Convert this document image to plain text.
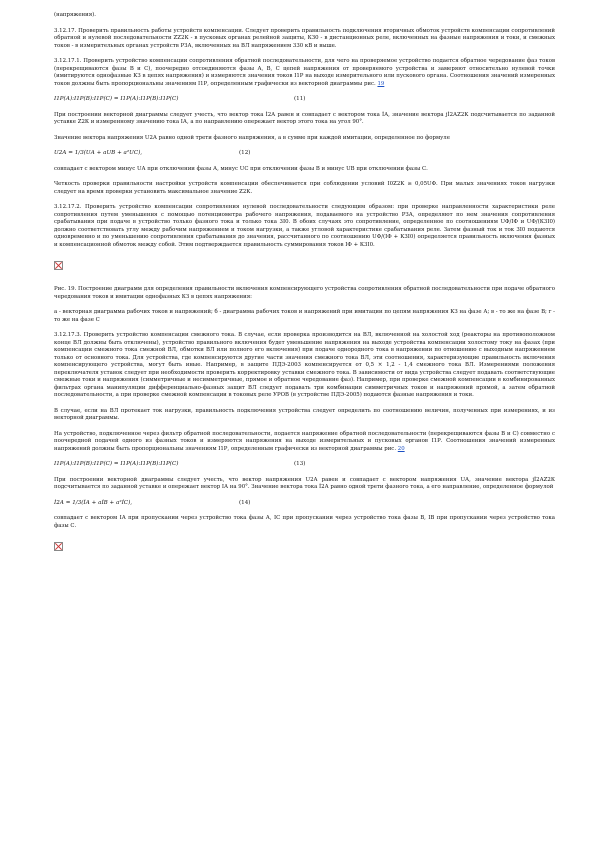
(напряжения).

3.12.17. Проверить правильность работы устройств компенсации. Следует проверить правильность подключения вторичных обмоток устройств компенсации сопротивлений обратной и нулевой последовательности ZZ2К - в пусковых органах релейной защиты, КЗ0 - в дистанционных реле, включенных на фазные напряжения и токи, и смежных токов - в измерительных органах устройств РЗА, включенных на ВЛ напряжением 330 кВ и выше.

3.12.17.1. Проверить устройство компенсации сопротивления обратной последовательности, для чего на проверяемое устройство подается обратное чередование фаз токов (перекрещиваются фазы В и С), поочередно отсоединяются фазы А, В, С цепей напряжения от проверяемого устройства и замеряют относительно нулевой точки (имитируются однофазные КЗ в цепях напряжения) и измеряются значения токов I1Р на выходе измерительного или пускового органа. Соотношения значений измеренных токов должны быть пропорциональны значениям I1Р, определенным графически из векторной диаграммы рис. 19

I1Р(А):I1Р(В):I1Р(С) = I1Р(А):I1Р(В):I1Р(С)	(11)

При построении векторной диаграммы следует учесть, что вектор тока İ2А равен и совпадает с вектором тока İА, значение вектора jİ2АZ2К подсчитывается по заданной уставке Z2К и измеренному значению тока IА, а по направлению опережает вектор этого тока на угол 90°.

Значение вектора напряжения U2А равно одной трети фазного напряжения, а в сумме при каждой имитации, определенное по формуле

U2А = 1/3(UА + aUВ + a²UС),	(12)

совпадает с вектором минус UА при отключении фазы А, минус UС при отключении фазы В и минус UВ при отключении фазы С.

Четкость проверки правильности настройки устройств компенсации обеспечивается при соблюдении условий I0Z2К ≥ 0,05UФ. При малых значениях токов нагрузки следует на время проверки установить максимальное значение Z2К.

3.12.17.2. Проверить устройство компенсации сопротивления нулевой последовательности следующим образом: при проверке направленности характеристики реле сопротивления путем уменьшения с помощью потенциометра рабочего напряжения, подаваемого на устройство РЗА, определяют по нем значения сопротивления срабатывания при подаче в устройство только фазного тока и только тока 3I0. В обоих случаях это сопротивление, определенное по соотношениям UФ/IФ и UФ/(К3I0) должно соответствовать углу между рабочим напряжением и током нагрузки, а также угловой характеристике срабатывания реле. Затем фазный ток и ток 3I0 подаются одновременно и по уменьшению сопротивления срабатывания до значения, рассчитанного по соотношению UФ/(IФ + К3I0) определяется правильность включения фазных и компенсационной обмоток между собой. Этим подтверждается правильность суммирования токов IФ + К3I0.

Рис. 19. Построение диаграмм для определения правильности включения компенсирующего устройства сопротивления обратной последовательности при подаче обратного чередования токов и имитации однофазных КЗ в цепях напряжения:

а - векторная диаграмма рабочих токов и напряжений; б - диаграмма рабочих токов и напряжений при имитации по цепям напряжения КЗ на фазе А; в - то же на фазе В; г - то же на фазе С

3.12.17.3. Проверить устройство компенсации смежного тока. В случае, если проверка производится на ВЛ, включенной на холостой ход (реакторы на противоположном конце ВЛ должны быть отключены), устройство правильного включения будет уменьшение напряжения на выходе устройства компенсации холостому току на фазах (при компенсации смежного тока смежной ВЛ, обмотки ВЛ или полного его включения) при подаче однородного тока в напряжении по отношению с выходным напряжением только от основного тока. Для устройства, где компенсируются другие части значения смежного тока ВЛ, эти соотношения, характеризующие правильность включения компенсирующего устройства, могут быть иные. Например, в защите ПДЭ-2003 компенсируется от 0,5 × 1,2 - 1,4 смежного тока ВЛ. Измерениями положения переключателя уставок следует при необходимости проверить корректировку уставки смежного тока. В зависимости от вида устройства следует подавать соответствующие смежные токи и напряжения (симметричные и несимметричные, прямое и обратное чередование фаз). Например, при проверке смежной компенсации в комбинированных фильтрах органа манипуляции дифференциально-фазных защит ВЛ следует подавать три комбинации симметричных токов и напряжений прямой, а затем обратной последовательности, а при проверке смежной компенсации в токовых реле УРОВ (в устройстве ПДЭ-2005) подаются фазные напряжения и токи.

В случае, если на ВЛ протекает ток нагрузки, правильность подключения устройства следует определить по соотношению величин, полученных при измерениях, и из векторной диаграммы.

На устройство, подключенное через фильтр обратной последовательности, подается напряжение обратной последовательности (перекрещиваются фазы В и С) совместно с поочередной подачей одного из фазных токов и измеряются напряжения на выходе измерительных и пусковых органов I1Р. Соотношения значений измеренных напряжений должны быть пропорциональны значениям I1Р, определенным графически из векторной диаграммы рис. 20

I1Р(А):I1Р(В):I1Р(С) = I1Р(А):I1Р(В):I1Р(С)	(13)

При построении векторной диаграммы следует учесть, что вектор напряжения U2А равен и совпадает с вектором напряжения UА, значение вектора jİ2АZ2К подсчитывается по заданной уставке и опережает вектор IА на 90°. Значение вектора тока İ2А равно одной трети фазного тока, а его направление, определенное формулой

İ2А = 1/3(İА + aİВ + a²İС),	(14)

совпадает с вектором IА при пропускании через устройство тока фазы А, IС при пропускании через устройство тока фазы В, IВ при пропускании через устройство тока фазы С.
